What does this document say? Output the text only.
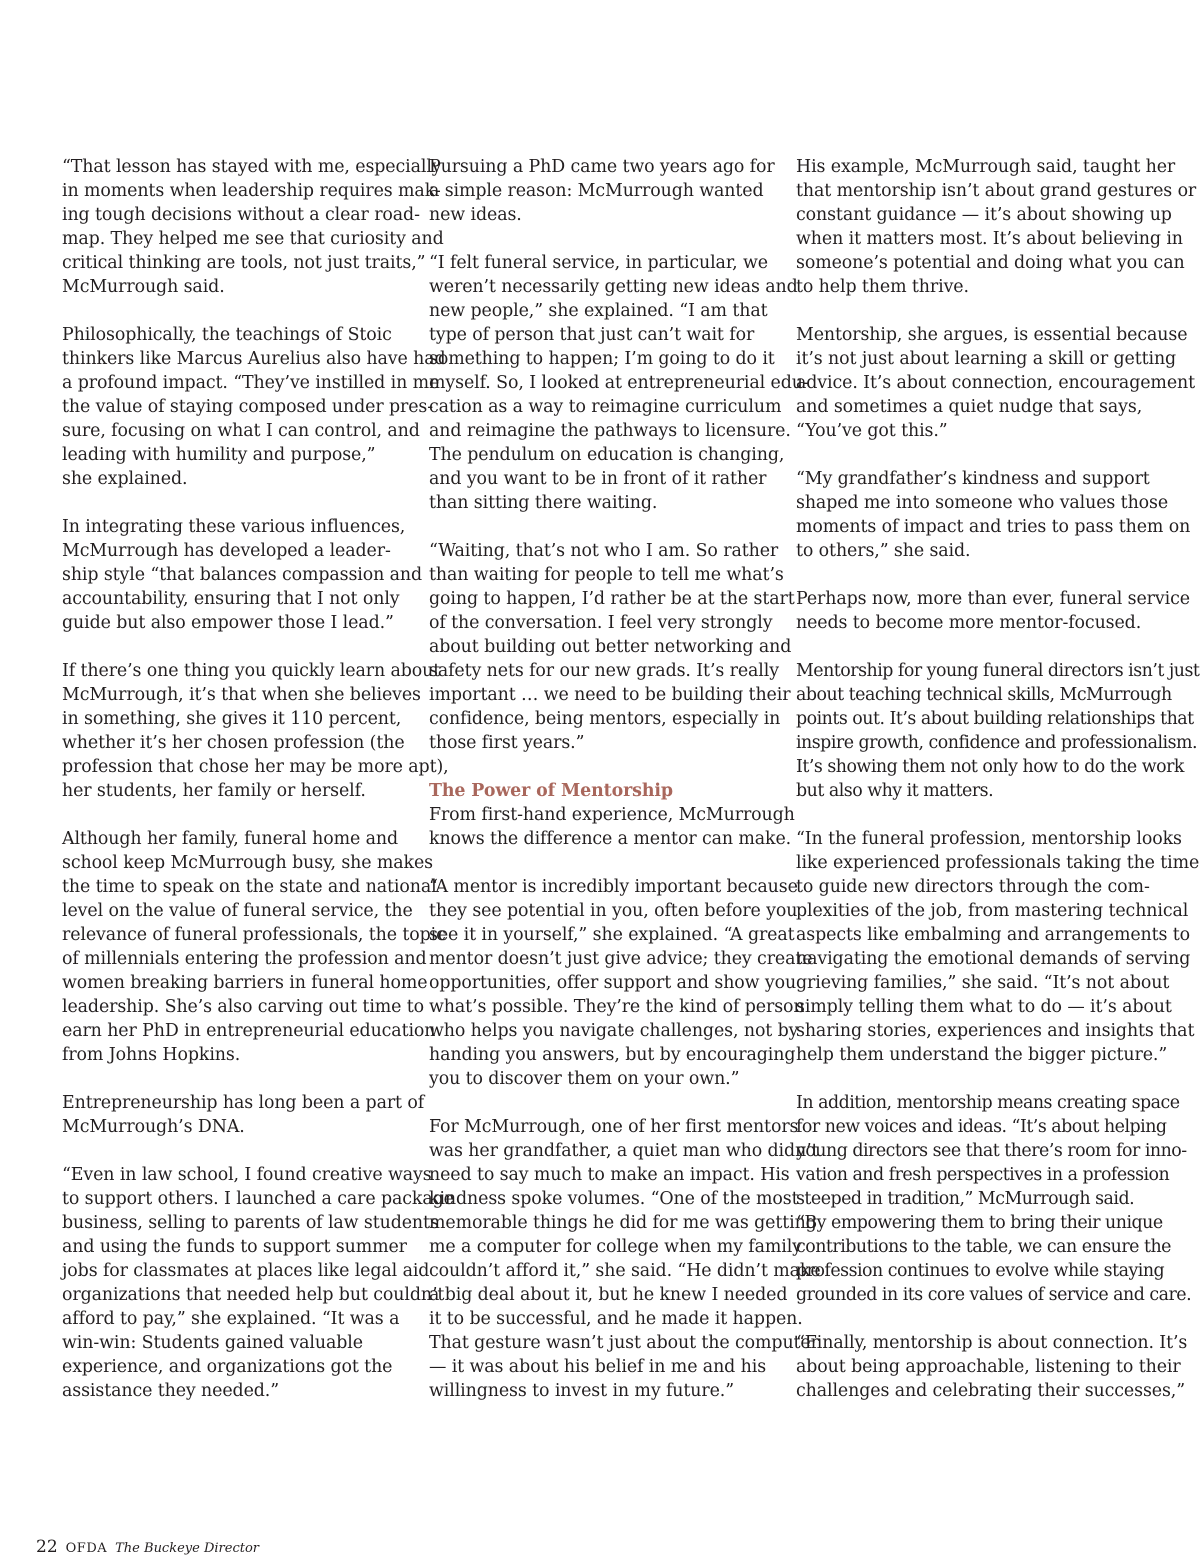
“That lesson has stayed with me, especially
in moments when leadership requires mak-
ing tough decisions without a clear road-
map. They helped me see that curiosity and
critical thinking are tools, not just traits,”
McMurrough said.

Philosophically, the teachings of Stoic
thinkers like Marcus Aurelius also have had
a profound impact. “They’ve instilled in me
the value of staying composed under pres-
sure, focusing on what I can control, and
leading with humility and purpose,”
she explained.

In integrating these various influences,
McMurrough has developed a leader-
ship style “that balances compassion and
accountability, ensuring that I not only
guide but also empower those I lead.”

If there’s one thing you quickly learn about
McMurrough, it’s that when she believes
in something, she gives it 110 percent,
whether it’s her chosen profession (the
profession that chose her may be more apt),
her students, her family or herself.

Although her family, funeral home and
school keep McMurrough busy, she makes
the time to speak on the state and national
level on the value of funeral service, the
relevance of funeral professionals, the topic
of millennials entering the profession and
women breaking barriers in funeral home
leadership. She’s also carving out time to
earn her PhD in entrepreneurial education
from Johns Hopkins.

Entrepreneurship has long been a part of
McMurrough’s DNA.

“Even in law school, I found creative ways
to support others. I launched a care package
business, selling to parents of law students
and using the funds to support summer
jobs for classmates at places like legal aid
organizations that needed help but couldn’t
afford to pay,” she explained. “It was a
win-win: Students gained valuable
experience, and organizations got the
assistance they needed.”

Pursuing a PhD came two years ago for
a simple reason: McMurrough wanted
new ideas.

“I felt funeral service, in particular, we
weren’t necessarily getting new ideas and
new people,” she explained. “I am that
type of person that just can’t wait for
something to happen; I’m going to do it
myself. So, I looked at entrepreneurial edu-
cation as a way to reimagine curriculum
and reimagine the pathways to licensure.
The pendulum on education is changing,
and you want to be in front of it rather
than sitting there waiting.

“Waiting, that’s not who I am. So rather
than waiting for people to tell me what’s
going to happen, I’d rather be at the start
of the conversation. I feel very strongly
about building out better networking and
safety nets for our new grads. It’s really
important … we need to be building their
confidence, being mentors, especially in
those first years.”

The Power of Mentorship

From first-hand experience, McMurrough
knows the difference a mentor can make.

“A mentor is incredibly important because
they see potential in you, often before you
see it in yourself,” she explained. “A great
mentor doesn’t just give advice; they create
opportunities, offer support and show you
what’s possible. They’re the kind of person
who helps you navigate challenges, not by
handing you answers, but by encouraging
you to discover them on your own.”

For McMurrough, one of her first mentors
was her grandfather, a quiet man who didn’t
need to say much to make an impact. His
kindness spoke volumes. “One of the most
memorable things he did for me was getting
me a computer for college when my family
couldn’t afford it,” she said. “He didn’t make
a big deal about it, but he knew I needed
it to be successful, and he made it happen.
That gesture wasn’t just about the computer
— it was about his belief in me and his
willingness to invest in my future.”

His example, McMurrough said, taught her
that mentorship isn’t about grand gestures or
constant guidance — it’s about showing up
when it matters most. It’s about believing in
someone’s potential and doing what you can
to help them thrive.

Mentorship, she argues, is essential because
it’s not just about learning a skill or getting
advice. It’s about connection, encouragement
and sometimes a quiet nudge that says,
“You’ve got this.”

“My grandfather’s kindness and support
shaped me into someone who values those
moments of impact and tries to pass them on
to others,” she said.

Perhaps now, more than ever, funeral service
needs to become more mentor-focused.

Mentorship for young funeral directors isn’t just
about teaching technical skills, McMurrough
points out. It’s about building relationships that
inspire growth, confidence and professionalism.
It’s showing them not only how to do the work
but also why it matters.

“In the funeral profession, mentorship looks
like experienced professionals taking the time
to guide new directors through the com-
plexities of the job, from mastering technical
aspects like embalming and arrangements to
navigating the emotional demands of serving
grieving families,” she said. “It’s not about
simply telling them what to do — it’s about
sharing stories, experiences and insights that
help them understand the bigger picture.”

In addition, mentorship means creating space
for new voices and ideas. “It’s about helping
young directors see that there’s room for inno-
vation and fresh perspectives in a profession
steeped in tradition,” McMurrough said.
“By empowering them to bring their unique
contributions to the table, we can ensure the
profession continues to evolve while staying
grounded in its core values of service and care.

“Finally, mentorship is about connection. It’s
about being approachable, listening to their
challenges and celebrating their successes,”

22 OFDA The Buckeye Director
